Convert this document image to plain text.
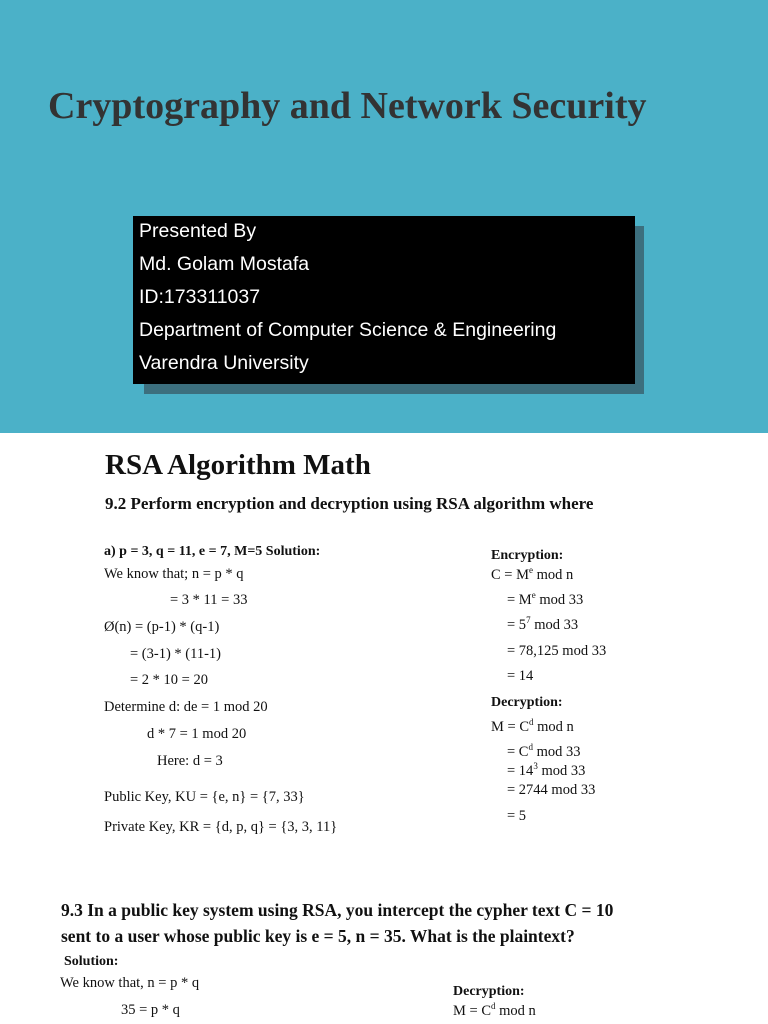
Cryptography and Network Security
Presented By
Md. Golam Mostafa
ID:173311037
Department of Computer Science & Engineering
Varendra University
RSA Algorithm Math
9.2 Perform encryption and decryption using RSA algorithm where
a) p = 3, q = 11, e = 7, M=5 Solution:
We know that; n = p * q
= 3 * 11 = 33
Ø(n) = (p-1) * (q-1)
= (3-1) * (11-1)
= 2 * 10 = 20
Determine d: de = 1 mod 20
d * 7 = 1 mod 20
Here: d = 3
Public Key, KU = {e, n} = {7, 33}
Private Key, KR = {d, p, q} = {3, 3, 11}
Encryption:
$C = M^e$ mod n
= $M^e$ mod 33
= $5^7$ mod 33
= 78,125 mod 33
= 14
Decryption:
$M = C^d$ mod n
= $C^d$ mod 33
= $14^3$ mod 33
= 2744 mod 33
= 5
9.3 In a public key system using RSA, you intercept the cypher text C = 10
sent to a user whose public key is e = 5, n = 35. What is the plaintext?
Solution:
We know that, n = p * q
35 = p * q
Decryption:
$M = C^d$ mod n
